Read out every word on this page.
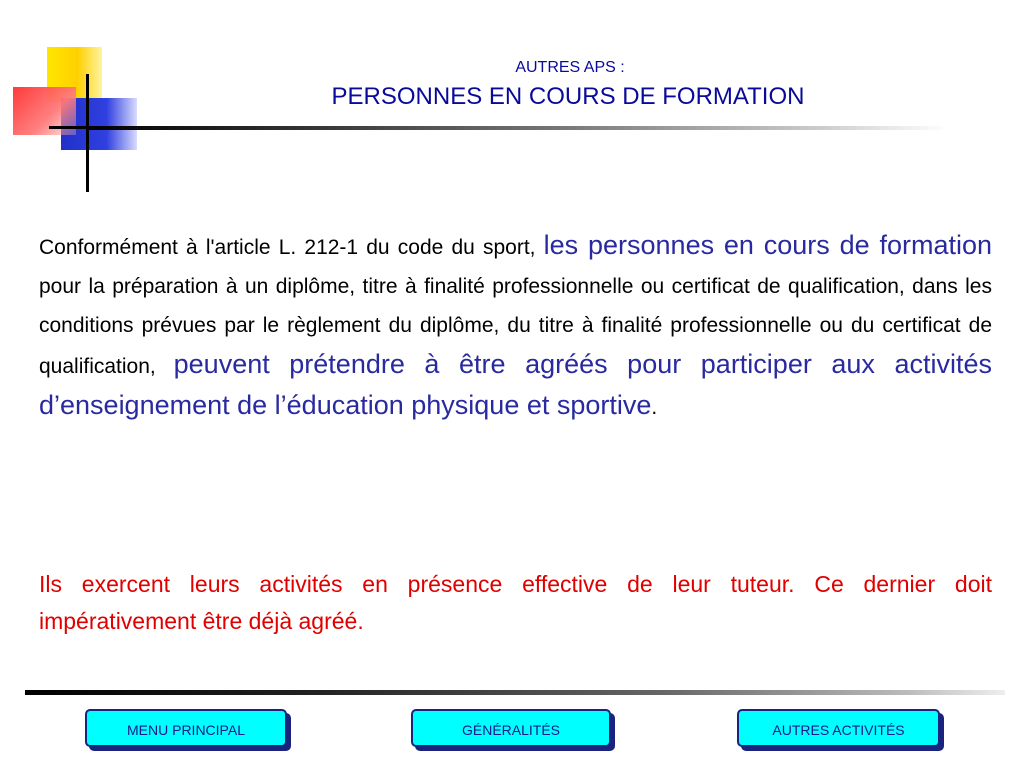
AUTRES APS :
PERSONNES EN COURS DE FORMATION

Conformément à l'article L. 212-1 du code du sport, les personnes en cours de formation pour la préparation à un diplôme, titre à finalité professionnelle ou certificat de qualification, dans les conditions prévues par le règlement du diplôme, du titre à finalité professionnelle ou du certificat de qualification, peuvent prétendre à être agréés pour participer aux activités d’enseignement de l’éducation physique et sportive.

Ils exercent leurs activités en présence effective de leur tuteur. Ce dernier doit impérativement être déjà agréé.

MENU PRINCIPAL	GÉNÉRALITÉS	AUTRES ACTIVITÉS
